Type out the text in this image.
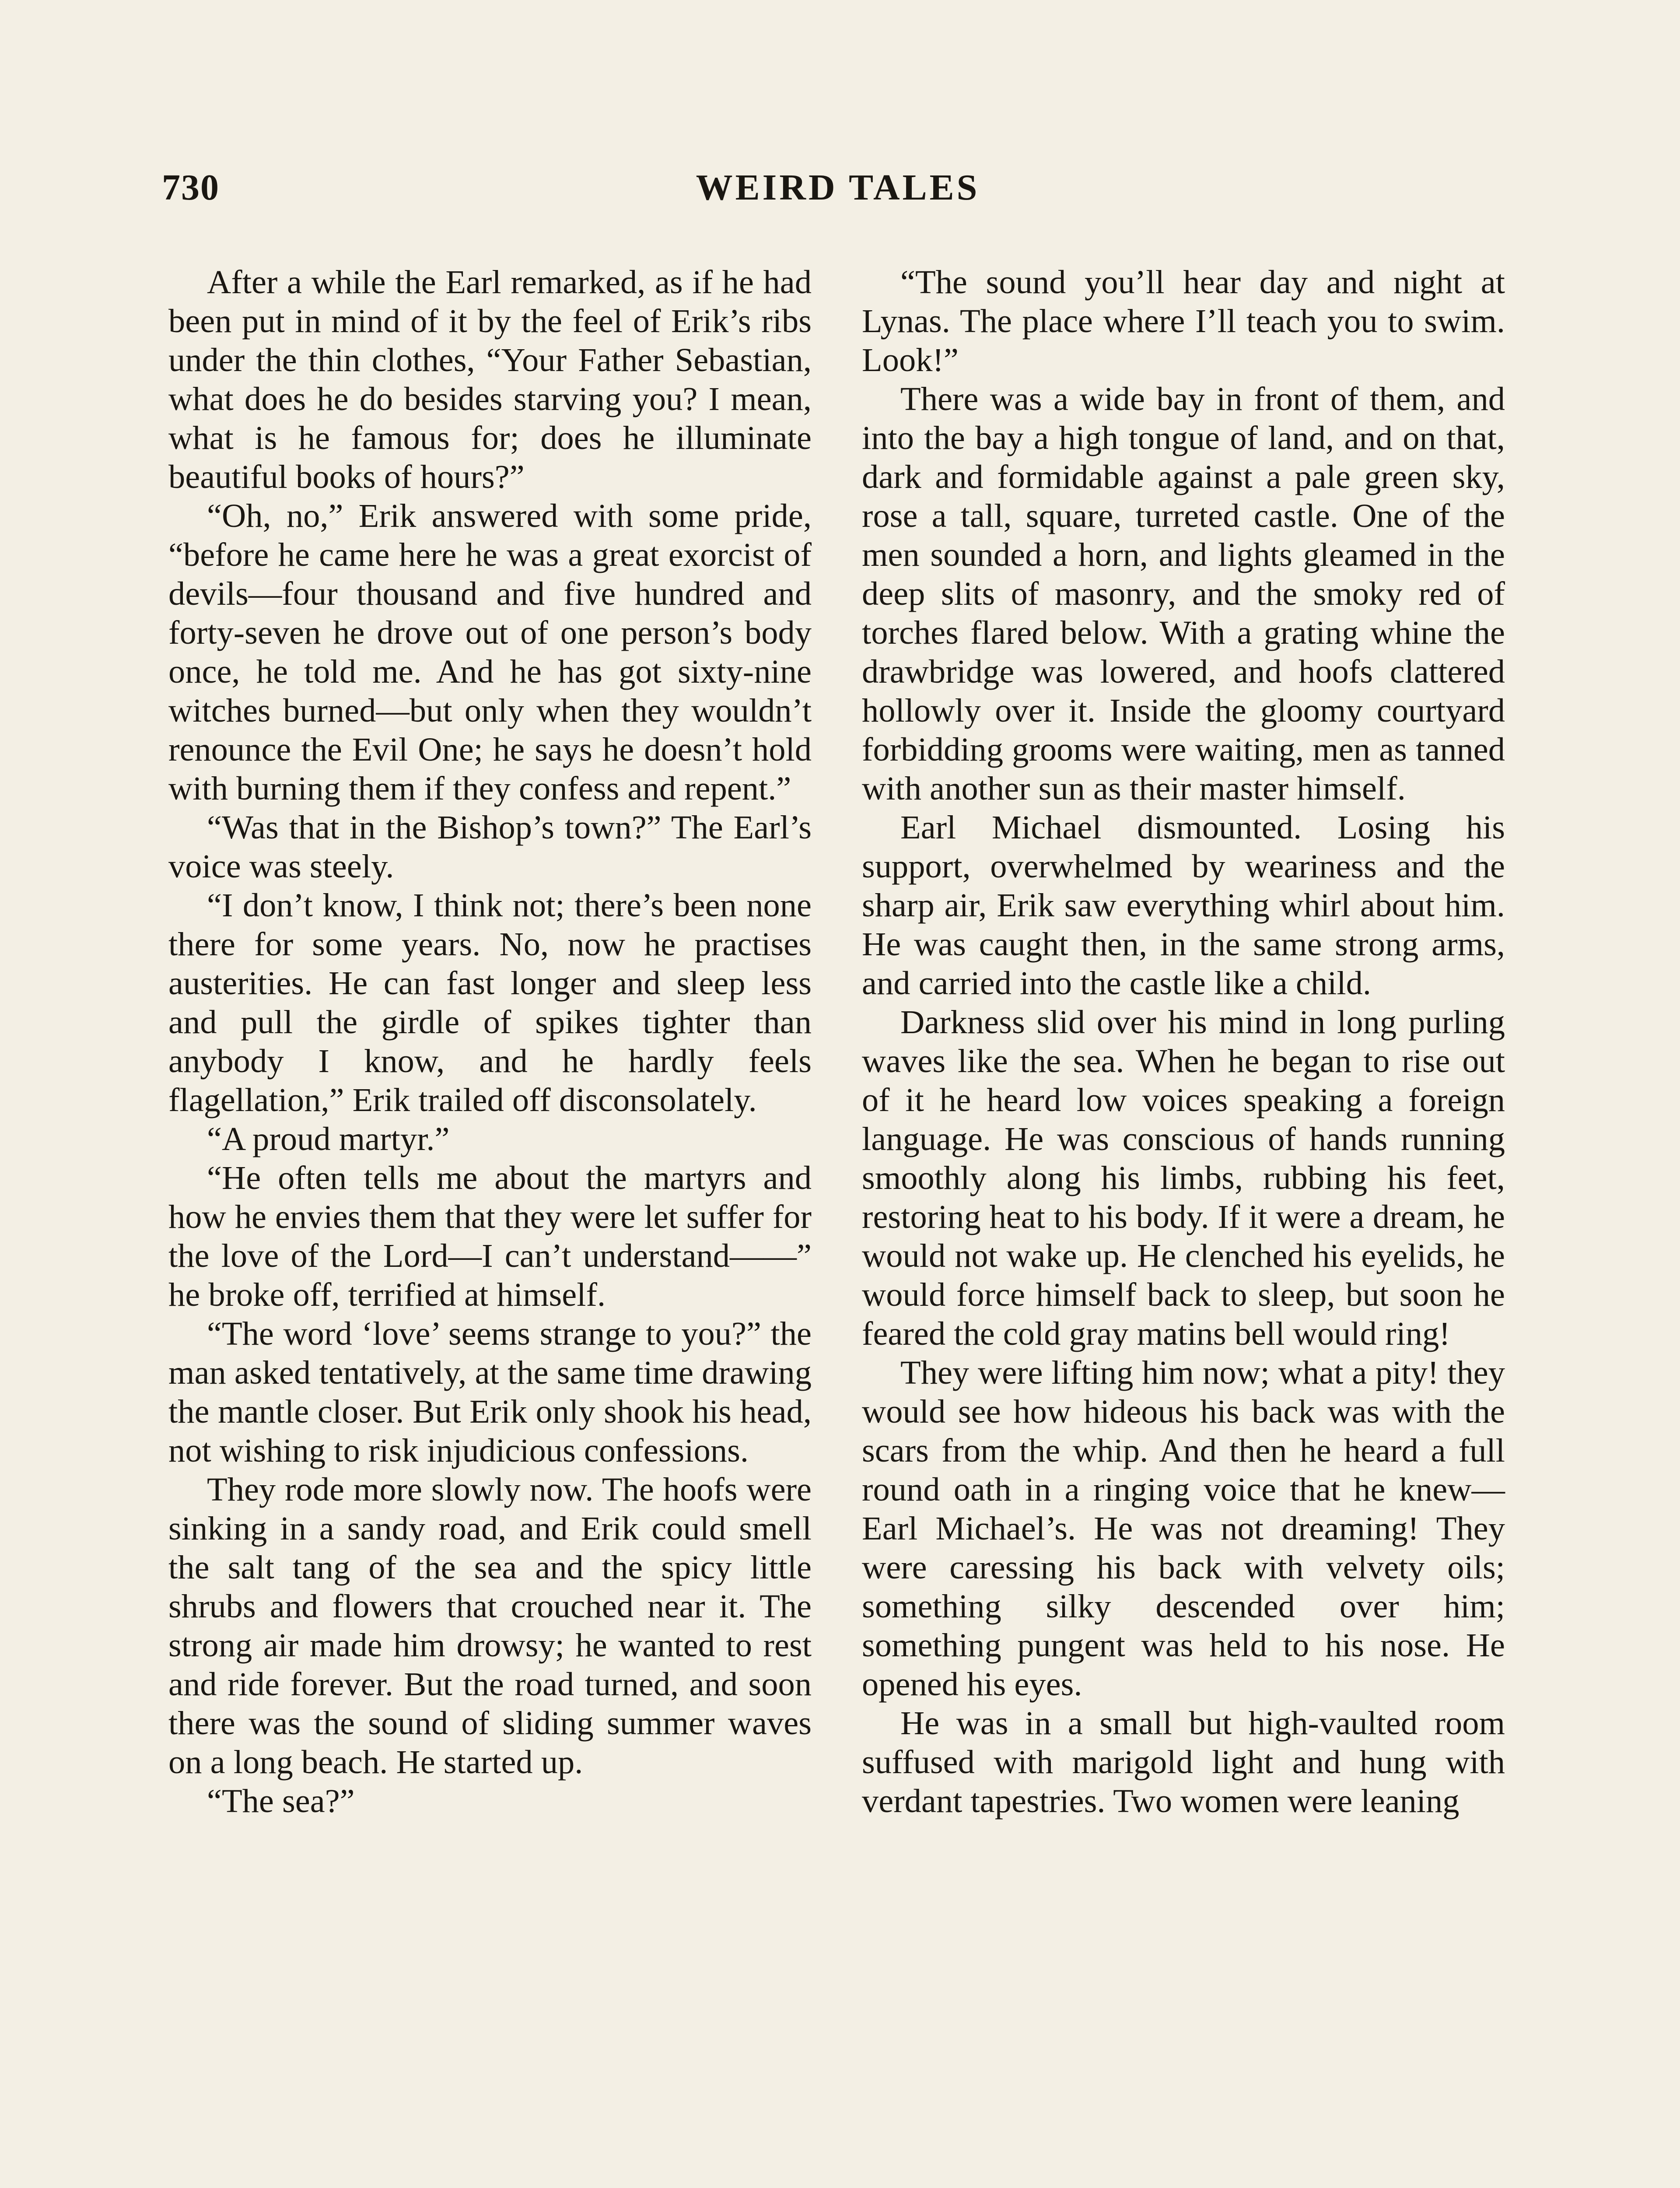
730	WEIRD TALES

After a while the Earl remarked, as if he had been put in mind of it by the feel of Erik’s ribs under the thin clothes, “Your Father Sebastian, what does he do besides starving you? I mean, what is he famous for; does he illuminate beautiful books of hours?”

“Oh, no,” Erik answered with some pride, “before he came here he was a great exorcist of devils—four thousand and five hundred and forty-seven he drove out of one person’s body once, he told me. And he has got sixty-nine witches burned—but only when they wouldn’t renounce the Evil One; he says he doesn’t hold with burning them if they confess and repent.”

“Was that in the Bishop’s town?” The Earl’s voice was steely.

“I don’t know, I think not; there’s been none there for some years. No, now he practises austerities. He can fast longer and sleep less and pull the girdle of spikes tighter than anybody I know, and he hardly feels flagellation,” Erik trailed off disconsolately.

“A proud martyr.”

“He often tells me about the martyrs and how he envies them that they were let suffer for the love of the Lord—I can’t understand——” he broke off, terrified at himself.

“The word ‘love’ seems strange to you?” the man asked tentatively, at the same time drawing the mantle closer. But Erik only shook his head, not wishing to risk injudicious confessions.

They rode more slowly now. The hoofs were sinking in a sandy road, and Erik could smell the salt tang of the sea and the spicy little shrubs and flowers that crouched near it. The strong air made him drowsy; he wanted to rest and ride forever. But the road turned, and soon there was the sound of sliding summer waves on a long beach. He started up.

“The sea?”

“The sound you’ll hear day and night at Lynas. The place where I’ll teach you to swim. Look!”

There was a wide bay in front of them, and into the bay a high tongue of land, and on that, dark and formidable against a pale green sky, rose a tall, square, turreted castle. One of the men sounded a horn, and lights gleamed in the deep slits of masonry, and the smoky red of torches flared below. With a grating whine the drawbridge was lowered, and hoofs clattered hollowly over it. Inside the gloomy courtyard forbidding grooms were waiting, men as tanned with another sun as their master himself.

Earl Michael dismounted. Losing his support, overwhelmed by weariness and the sharp air, Erik saw everything whirl about him. He was caught then, in the same strong arms, and carried into the castle like a child.

Darkness slid over his mind in long purling waves like the sea. When he began to rise out of it he heard low voices speaking a foreign language. He was conscious of hands running smoothly along his limbs, rubbing his feet, restoring heat to his body. If it were a dream, he would not wake up. He clenched his eyelids, he would force himself back to sleep, but soon he feared the cold gray matins bell would ring!

They were lifting him now; what a pity! they would see how hideous his back was with the scars from the whip. And then he heard a full round oath in a ringing voice that he knew—Earl Michael’s. He was not dreaming! They were caressing his back with velvety oils; something silky descended over him; something pungent was held to his nose. He opened his eyes.

He was in a small but high-vaulted room suffused with marigold light and hung with verdant tapestries. Two women were leaning
